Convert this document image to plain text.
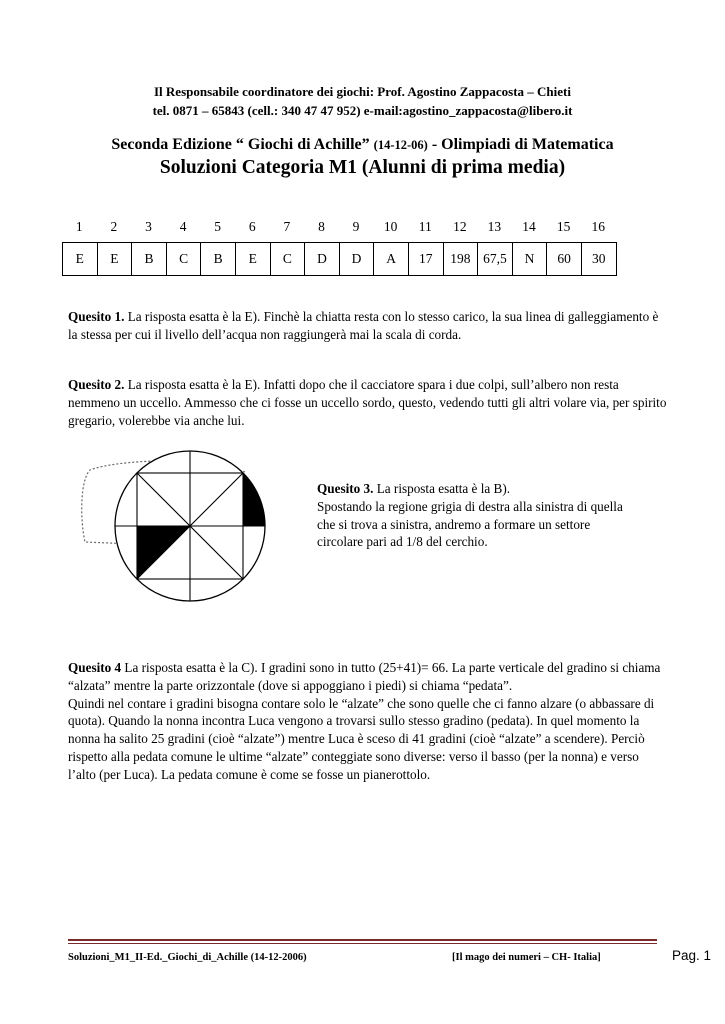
Il Responsabile coordinatore dei giochi: Prof. Agostino Zappacosta – Chieti
tel. 0871 – 65843 (cell.: 340 47 47 952) e-mail:agostino_zappacosta@libero.it
Seconda Edizione “ Giochi di Achille” (14-12-06) - Olimpiadi di Matematica
Soluzioni Categoria M1 (Alunni di prima media)
1	2	3	4	5	6	7	8	9	10	11	12	13	14	15	16
E	E	B	C	B	E	C	D	D	A	17	198	67,5	N	60	30
Quesito 1. La risposta esatta è la E). Finchè la chiatta resta con lo stesso carico, la sua linea di galleggiamento è la stessa per cui il livello dell’acqua non raggiungerà mai la scala di corda.
Quesito 2. La risposta esatta è la E). Infatti dopo che il cacciatore spara i due colpi, sull’albero non resta nemmeno un uccello. Ammesso che ci fosse un uccello sordo, questo, vedendo tutti gli altri volare via, per spirito gregario, volerebbe via anche lui.
Quesito 3. La risposta esatta è la B).
Spostando la regione grigia di destra alla sinistra di quella che si trova a sinistra, andremo a formare un settore circolare pari ad 1/8 del cerchio.
Quesito 4 La risposta esatta è la C). I gradini sono in tutto (25+41)= 66. La parte verticale del gradino si chiama “alzata” mentre la parte orizzontale (dove si appoggiano i piedi) si chiama “pedata”.
Quindi nel contare i gradini bisogna contare solo le “alzate” che sono quelle che ci fanno alzare (o abbassare di quota). Quando la nonna incontra Luca vengono a trovarsi sullo stesso gradino (pedata). In quel momento la nonna ha salito 25 gradini (cioè “alzate”) mentre Luca è sceso di 41 gradini (cioè “alzate” a scendere). Perciò rispetto alla pedata comune le ultime “alzate” conteggiate sono diverse: verso il basso (per la nonna) e verso l’alto (per Luca). La pedata comune è come se fosse un pianerottolo.
Soluzioni_M1_II-Ed._Giochi_di_Achille (14-12-2006)	[Il mago dei numeri – CH- Italia]	Pag. 1
